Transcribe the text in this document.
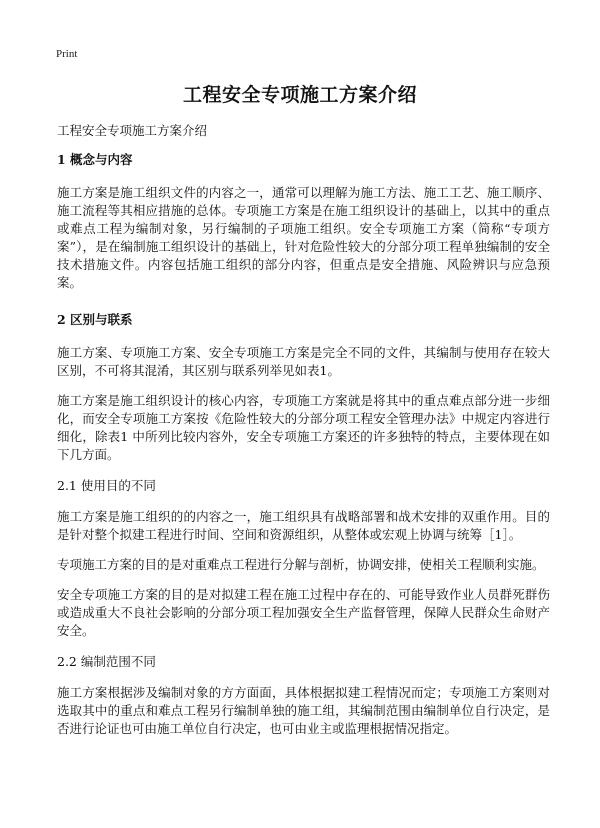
Print
工程安全专项施工方案介绍
工程安全专项施工方案介绍
1 概念与内容

施工方案是施工组织文件的内容之一，通常可以理解为施工方法、施工工艺、施工顺序、施工流程等其相应措施的总体。专项施工方案是在施工组织设计的基础上，以其中的重点或难点工程为编制对象，另行编制的子项施工组织。安全专项施工方案（简称“专项方案”），是在编制施工组织设计的基础上，针对危险性较大的分部分项工程单独编制的安全技术措施文件。内容包括施工组织的部分内容，但重点是安全措施、风险辨识与应急预案。

2 区别与联系

施工方案、专项施工方案、安全专项施工方案是完全不同的文件，其编制与使用存在较大区别，不可将其混淆，其区别与联系列举见如表1。

施工方案是施工组织设计的核心内容，专项施工方案就是将其中的重点难点部分进一步细化，而安全专项施工方案按《危险性较大的分部分项工程安全管理办法》中规定内容进行细化，除表1 中所列比较内容外，安全专项施工方案还的许多独特的特点，主要体现在如下几方面。

2.1 使用目的不同

施工方案是施工组织的的内容之一，施工组织具有战略部署和战术安排的双重作用。目的是针对整个拟建工程进行时间、空间和资源组织，从整体或宏观上协调与统筹［1］。

专项施工方案的目的是对重难点工程进行分解与剖析，协调安排，使相关工程顺利实施。

安全专项施工方案的目的是对拟建工程在施工过程中存在的、可能导致作业人员群死群伤或造成重大不良社会影响的分部分项工程加强安全生产监督管理，保障人民群众生命财产安全。

2.2 编制范围不同

施工方案根据涉及编制对象的方方面面，具体根据拟建工程情况而定；专项施工方案则对选取其中的重点和难点工程另行编制单独的施工组，其编制范围由编制单位自行决定，是否进行论证也可由施工单位自行决定，也可由业主或监理根据情况指定。
